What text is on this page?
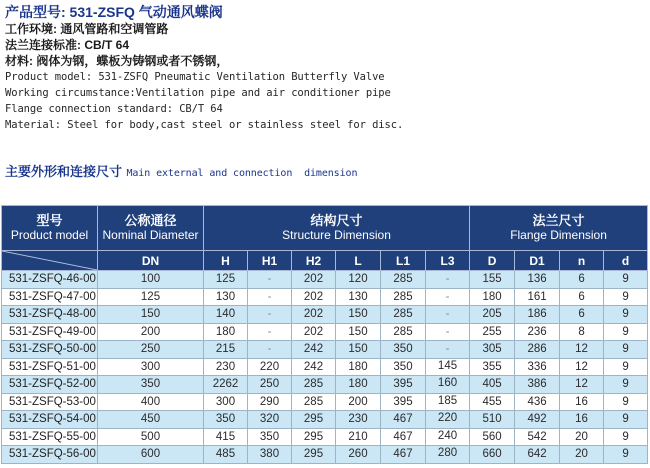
产品型号: 531-ZSFQ 气动通风蝶阀
工作环境: 通风管路和空调管路
法兰连接标准: CB/T 64
材料: 阀体为钢，蝶板为铸钢或者不锈钢，
Product model: 531-ZSFQ Pneumatic Ventilation Butterfly Valve
Working circumstance:Ventilation pipe and air conditioner pipe
Flange connection standard: CB/T 64
Material: Steel for body,cast steel or stainless steel for disc.
主要外形和连接尺寸 Main external and connection  dimension
型号
Product model

公称通径
Nominal Diameter

结构尺寸
Structure Dimension

法兰尺寸
Flange Dimension

	DN	H	H1	H2	L	L1	L3	D	D1	n	d
531-ZSFQ-46-00	100	125	-	202	120	285	-	155	136	6	9
531-ZSFQ-47-00	125	130	-	202	130	285	-	180	161	6	9
531-ZSFQ-48-00	150	140	-	202	150	285	-	205	186	6	9
531-ZSFQ-49-00	200	180	-	202	150	285	-	255	236	8	9
531-ZSFQ-50-00	250	215	-	242	150	350	-	305	286	12	9
531-ZSFQ-51-00	300	230	220	242	180	350	145	355	336	12	9
531-ZSFQ-52-00	350	2262	250	285	180	395	160	405	386	12	9
531-ZSFQ-53-00	400	300	290	285	200	395	185	455	436	16	9
531-ZSFQ-54-00	450	350	320	295	230	467	220	510	492	16	9
531-ZSFQ-55-00	500	415	350	295	210	467	240	560	542	20	9
531-ZSFQ-56-00	600	485	380	295	260	467	280	660	642	20	9
